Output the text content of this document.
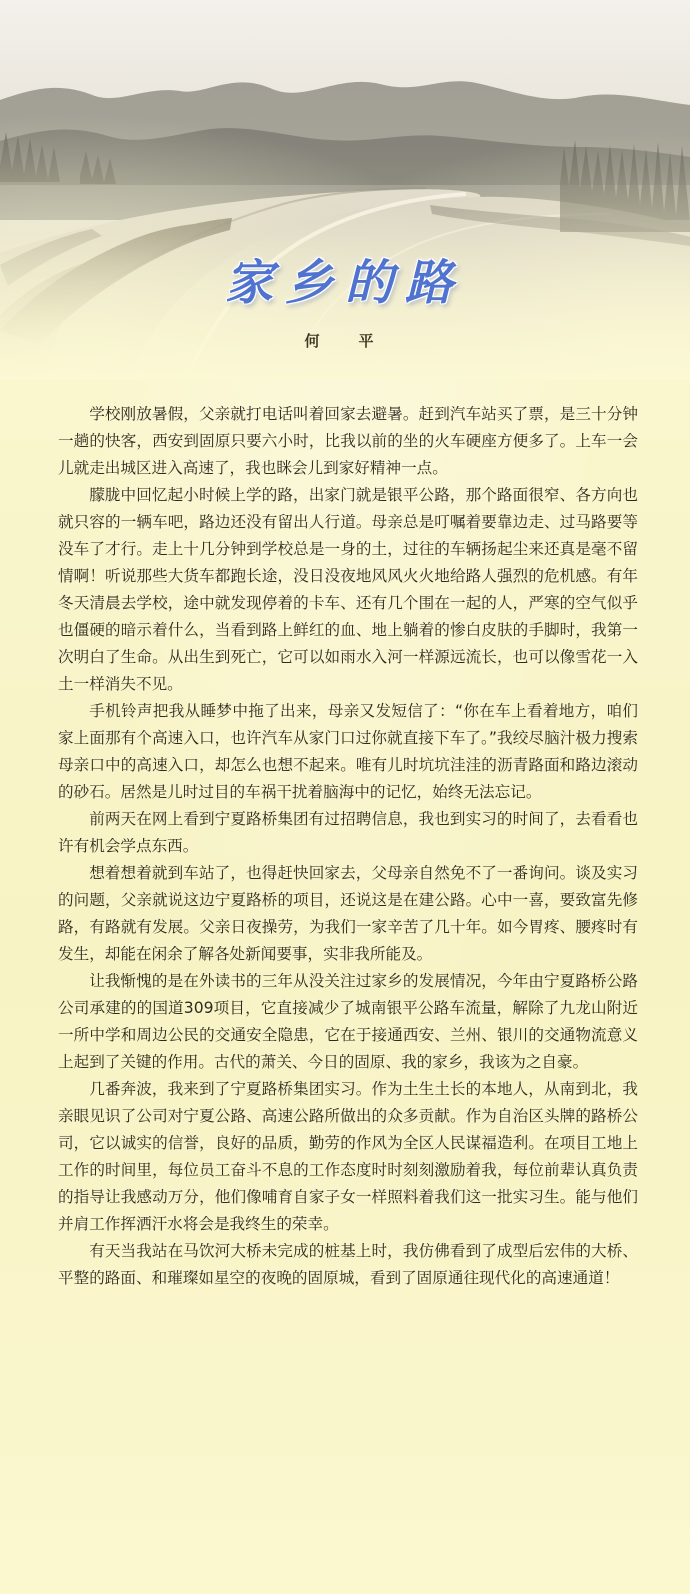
家乡的路
何　平

学校刚放暑假，父亲就打电话叫着回家去避暑。赶到汽车站买了票，是三十分钟一趟的快客，西安到固原只要六小时，比我以前的坐的火车硬座方便多了。上车一会儿就走出城区进入高速了，我也眯会儿到家好精神一点。

朦胧中回忆起小时候上学的路，出家门就是银平公路，那个路面很窄、各方向也就只容的一辆车吧，路边还没有留出人行道。母亲总是叮嘱着要靠边走、过马路要等没车了才行。走上十几分钟到学校总是一身的土，过往的车辆扬起尘来还真是毫不留情啊！听说那些大货车都跑长途，没日没夜地风风火火地给路人强烈的危机感。有年冬天清晨去学校，途中就发现停着的卡车、还有几个围在一起的人，严寒的空气似乎也僵硬的暗示着什么，当看到路上鲜红的血、地上躺着的惨白皮肤的手脚时，我第一次明白了生命。从出生到死亡，它可以如雨水入河一样源远流长，也可以像雪花一入土一样消失不见。

手机铃声把我从睡梦中拖了出来，母亲又发短信了：“你在车上看着地方，咱们家上面那有个高速入口，也许汽车从家门口过你就直接下车了。”我绞尽脑汁极力搜索母亲口中的高速入口，却怎么也想不起来。唯有儿时坑坑洼洼的沥青路面和路边滚动的砂石。居然是儿时过目的车祸干扰着脑海中的记忆，始终无法忘记。

前两天在网上看到宁夏路桥集团有过招聘信息，我也到实习的时间了，去看看也许有机会学点东西。

想着想着就到车站了，也得赶快回家去，父母亲自然免不了一番询问。谈及实习的问题，父亲就说这边宁夏路桥的项目，还说这是在建公路。心中一喜，要致富先修路，有路就有发展。父亲日夜操劳，为我们一家辛苦了几十年。如今胃疼、腰疼时有发生，却能在闲余了解各处新闻要事，实非我所能及。

让我惭愧的是在外读书的三年从没关注过家乡的发展情况，今年由宁夏路桥公路公司承建的的国道309项目，它直接减少了城南银平公路车流量，解除了九龙山附近一所中学和周边公民的交通安全隐患，它在于接通西安、兰州、银川的交通物流意义上起到了关键的作用。古代的萧关、今日的固原、我的家乡，我该为之自豪。

几番奔波，我来到了宁夏路桥集团实习。作为土生土长的本地人，从南到北，我亲眼见识了公司对宁夏公路、高速公路所做出的众多贡献。作为自治区头牌的路桥公司，它以诚实的信誉，良好的品质，勤劳的作风为全区人民谋福造利。在项目工地上工作的时间里，每位员工奋斗不息的工作态度时时刻刻激励着我，每位前辈认真负责的指导让我感动万分，他们像哺育自家子女一样照料着我们这一批实习生。能与他们并肩工作挥洒汗水将会是我终生的荣幸。

有天当我站在马饮河大桥未完成的桩基上时，我仿佛看到了成型后宏伟的大桥、平整的路面、和璀璨如星空的夜晚的固原城，看到了固原通往现代化的高速通道！
